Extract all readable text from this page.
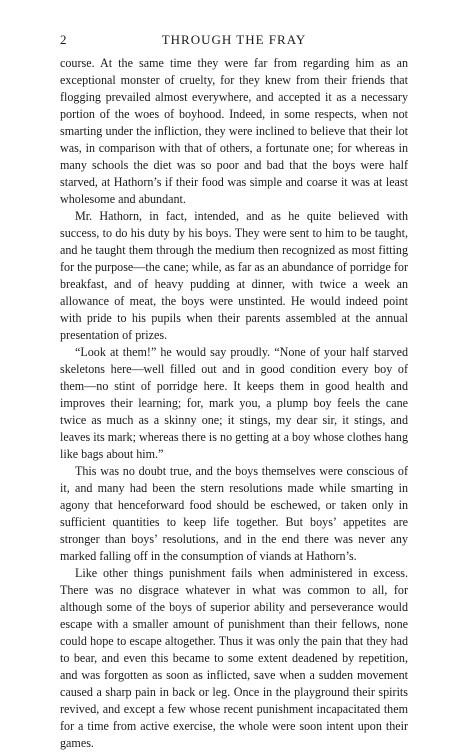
2	THROUGH THE FRAY

course. At the same time they were far from regarding him as an exceptional monster of cruelty, for they knew from their friends that flogging prevailed almost everywhere, and accepted it as a necessary portion of the woes of boyhood. Indeed, in some respects, when not smarting under the infliction, they were inclined to believe that their lot was, in comparison with that of others, a fortunate one; for whereas in many schools the diet was so poor and bad that the boys were half starved, at Hathorn’s if their food was simple and coarse it was at least wholesome and abundant.

Mr. Hathorn, in fact, intended, and as he quite believed with success, to do his duty by his boys. They were sent to him to be taught, and he taught them through the medium then recognized as most fitting for the purpose—the cane; while, as far as an abundance of porridge for breakfast, and of heavy pudding at dinner, with twice a week an allowance of meat, the boys were unstinted. He would indeed point with pride to his pupils when their parents assembled at the annual presentation of prizes.

“Look at them!” he would say proudly. “None of your half starved skeletons here—well filled out and in good condition every boy of them—no stint of porridge here. It keeps them in good health and improves their learning; for, mark you, a plump boy feels the cane twice as much as a skinny one; it stings, my dear sir, it stings, and leaves its mark; whereas there is no getting at a boy whose clothes hang like bags about him.”

This was no doubt true, and the boys themselves were conscious of it, and many had been the stern resolutions made while smarting in agony that henceforward food should be eschewed, or taken only in sufficient quantities to keep life together. But boys’ appetites are stronger than boys’ resolutions, and in the end there was never any marked falling off in the consumption of viands at Hathorn’s.

Like other things punishment fails when administered in excess. There was no disgrace whatever in what was common to all, for although some of the boys of superior ability and perseverance would escape with a smaller amount of punishment than their fellows, none could hope to escape altogether. Thus it was only the pain that they had to bear, and even this became to some extent deadened by repetition, and was forgotten as soon as inflicted, save when a sudden movement caused a sharp pain in back or leg. Once in the playground their spirits revived, and except a few whose recent punishment incapacitated them for a time from active exercise, the whole were soon intent upon their games.
